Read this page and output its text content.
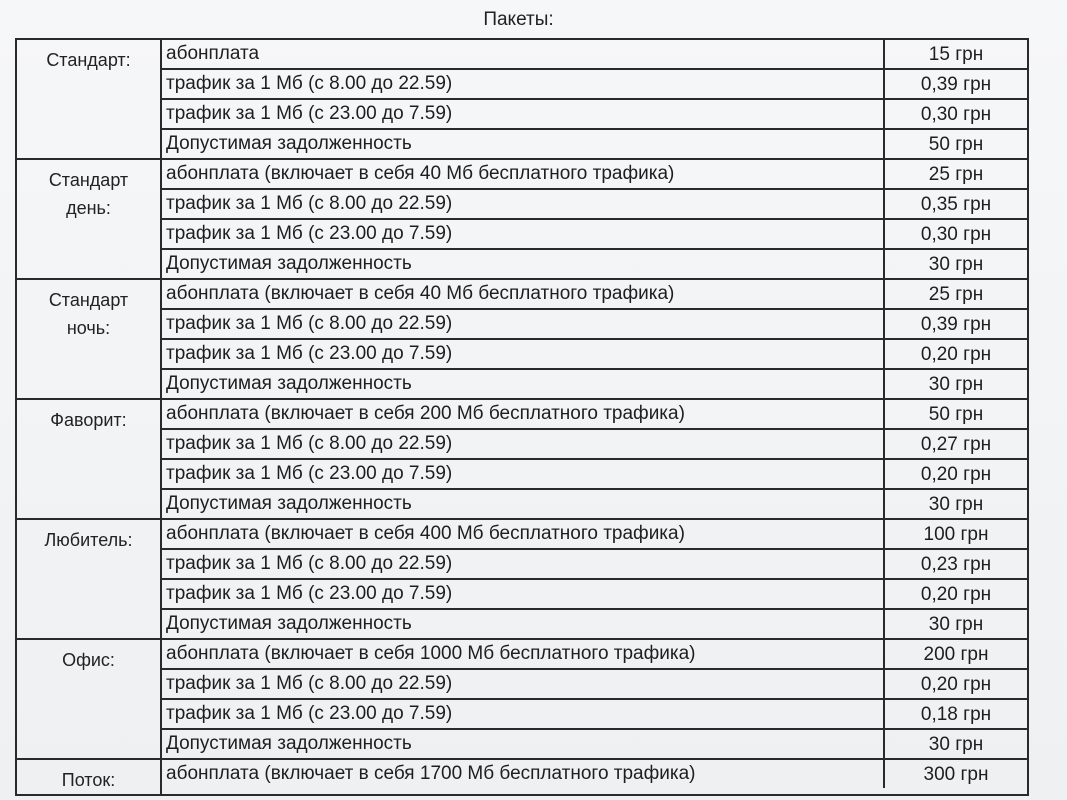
Пакеты:
Стандарт:	абонплата	15 грн
трафик за 1 Мб (с 8.00 до 22.59)	0,39 грн
трафик за 1 Мб (с 23.00 до 7.59)	0,30 грн
Допустимая задолженность	50 грн
Стандарт
день:
абонплата (включает в себя 40 Мб бесплатного трафика)	25 грн
трафик за 1 Мб (с 8.00 до 22.59)	0,35 грн
трафик за 1 Мб (с 23.00 до 7.59)	0,30 грн
Допустимая задолженность	30 грн
Стандарт
ночь:
абонплата (включает в себя 40 Мб бесплатного трафика)	25 грн
трафик за 1 Мб (с 8.00 до 22.59)	0,39 грн
трафик за 1 Мб (с 23.00 до 7.59)	0,20 грн
Допустимая задолженность	30 грн
Фаворит:	абонплата (включает в себя 200 Мб бесплатного трафика)	50 грн
трафик за 1 Мб (с 8.00 до 22.59)	0,27 грн
трафик за 1 Мб (с 23.00 до 7.59)	0,20 грн
Допустимая задолженность	30 грн
Любитель:	абонплата (включает в себя 400 Мб бесплатного трафика)	100 грн
трафик за 1 Мб (с 8.00 до 22.59)	0,23 грн
трафик за 1 Мб (с 23.00 до 7.59)	0,20 грн
Допустимая задолженность	30 грн
Офис:	абонплата (включает в себя 1000 Мб бесплатного трафика)	200 грн
трафик за 1 Мб (с 8.00 до 22.59)	0,20 грн
трафик за 1 Мб (с 23.00 до 7.59)	0,18 грн
Допустимая задолженность	30 грн
Поток:	абонплата (включает в себя 1700 Мб бесплатного трафика)	300 грн
